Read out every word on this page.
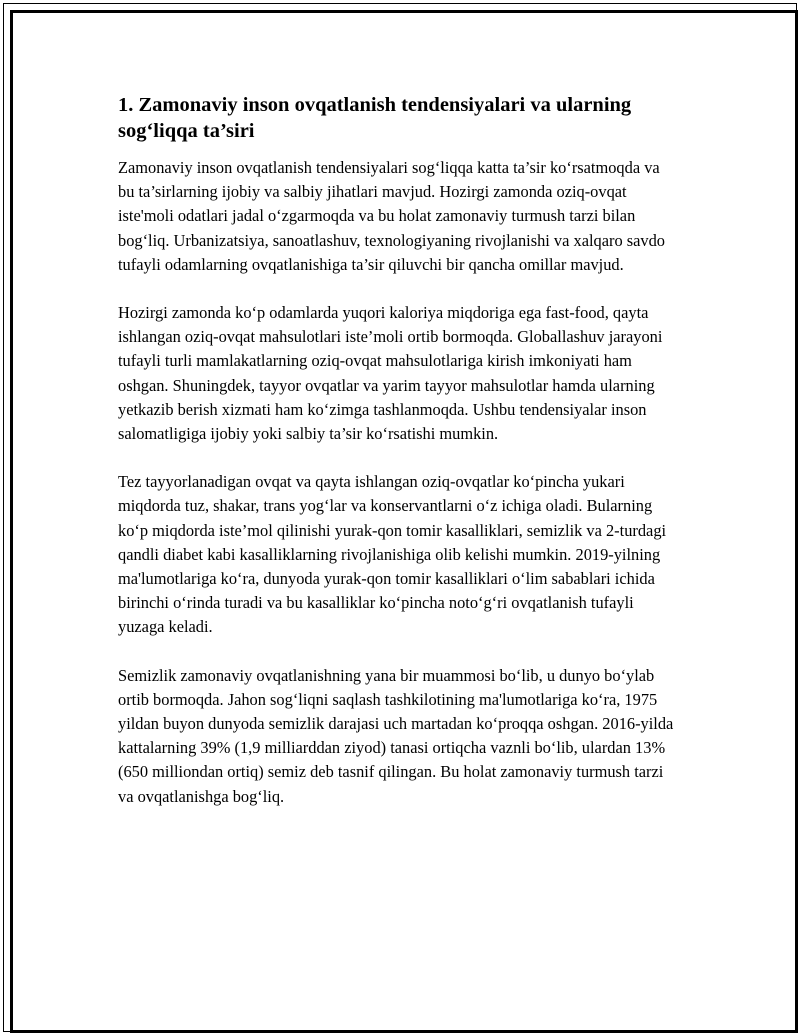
1. Zamonaviy inson ovqatlanish tendensiyalari va ularning sog‘liqqa ta’siri

Zamonaviy inson ovqatlanish tendensiyalari sog‘liqqa katta ta’sir ko‘rsatmoqda va bu ta’sirlarning ijobiy va salbiy jihatlari mavjud. Hozirgi zamonda oziq-ovqat iste'moli odatlari jadal o‘zgarmoqda va bu holat zamonaviy turmush tarzi bilan bog‘liq. Urbanizatsiya, sanoatlashuv, texnologiyaning rivojlanishi va xalqaro savdo tufayli odamlarning ovqatlanishiga ta’sir qiluvchi bir qancha omillar mavjud.

Hozirgi zamonda ko‘p odamlarda yuqori kaloriya miqdoriga ega fast-food, qayta ishlangan oziq-ovqat mahsulotlari iste’moli ortib bormoqda. Globallashuv jarayoni tufayli turli mamlakatlarning oziq-ovqat mahsulotlariga kirish imkoniyati ham oshgan. Shuningdek, tayyor ovqatlar va yarim tayyor mahsulotlar hamda ularning yetkazib berish xizmati ham ko‘zimga tashlanmoqda. Ushbu tendensiyalar inson salomatligiga ijobiy yoki salbiy ta’sir ko‘rsatishi mumkin.

Tez tayyorlanadigan ovqat va qayta ishlangan oziq-ovqatlar ko‘pincha yukari miqdorda tuz, shakar, trans yog‘lar va konservantlarni o‘z ichiga oladi. Bularning ko‘p miqdorda iste’mol qilinishi yurak-qon tomir kasalliklari, semizlik va 2-turdagi qandli diabet kabi kasalliklarning rivojlanishiga olib kelishi mumkin. 2019-yilning ma'lumotlariga ko‘ra, dunyoda yurak-qon tomir kasalliklari o‘lim sabablari ichida birinchi o‘rinda turadi va bu kasalliklar ko‘pincha noto‘g‘ri ovqatlanish tufayli yuzaga keladi.

Semizlik zamonaviy ovqatlanishning yana bir muammosi bo‘lib, u dunyo bo‘ylab ortib bormoqda. Jahon sog‘liqni saqlash tashkilotining ma'lumotlariga ko‘ra, 1975 yildan buyon dunyoda semizlik darajasi uch martadan ko‘proqqa oshgan. 2016-yilda kattalarning 39% (1,9 milliarddan ziyod) tanasi ortiqcha vaznli bo‘lib, ulardan 13% (650 milliondan ortiq) semiz deb tasnif qilingan. Bu holat zamonaviy turmush tarzi va ovqatlanishga bog‘liq.
